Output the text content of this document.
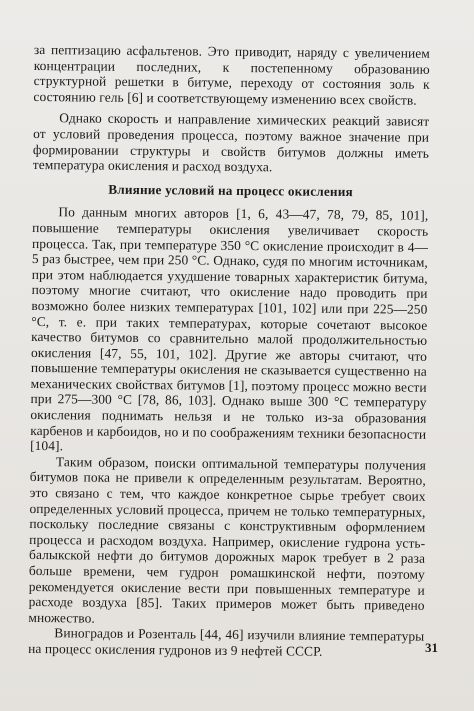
за пептизацию асфальтенов. Это приводит, наряду с увеличением концентрации последних, к постепенному образованию структурной решетки в битуме, переходу от состояния золь к состоянию гель [6] и соответствующему изменению всех свойств.

Однако скорость и направление химических реакций зависят от условий проведения процесса, поэтому важное значение при формировании структуры и свойств битумов должны иметь температура окисления и расход воздуха.

Влияние условий на процесс окисления

По данным многих авторов [1, 6, 43—47, 78, 79, 85, 101], повышение температуры окисления увеличивает скорость процесса. Так, при температуре 350 °C окисление происходит в 4—5 раз быстрее, чем при 250 °C. Однако, судя по многим источникам, при этом наблюдается ухудшение товарных характеристик битума, поэтому многие считают, что окисление надо проводить при возможно более низких температурах [101, 102] или при 225—250 °C, т. е. при таких температурах, которые сочетают высокое качество битумов со сравнительно малой продолжительностью окисления [47, 55, 101, 102]. Другие же авторы считают, что повышение температуры окисления не сказывается существенно на механических свойствах битумов [1], поэтому процесс можно вести при 275—300 °C [78, 86, 103]. Однако выше 300 °C температуру окисления поднимать нельзя и не только из-за образования карбенов и карбоидов, но и по соображениям техники безопасности [104].

Таким образом, поиски оптимальной температуры получения битумов пока не привели к определенным результатам. Вероятно, это связано с тем, что каждое конкретное сырье требует своих определенных условий процесса, причем не только температурных, поскольку последние связаны с конструктивным оформлением процесса и расходом воздуха. Например, окисление гудрона усть-балыкской нефти до битумов дорожных марок требует в 2 раза больше времени, чем гудрон ромашкинской нефти, поэтому рекомендуется окисление вести при повышенных температуре и расходе воздуха [85]. Таких примеров может быть приведено множество.

Виноградов и Розенталь [44, 46] изучили влияние температуры на процесс окисления гудронов из 9 нефтей СССР.	31
